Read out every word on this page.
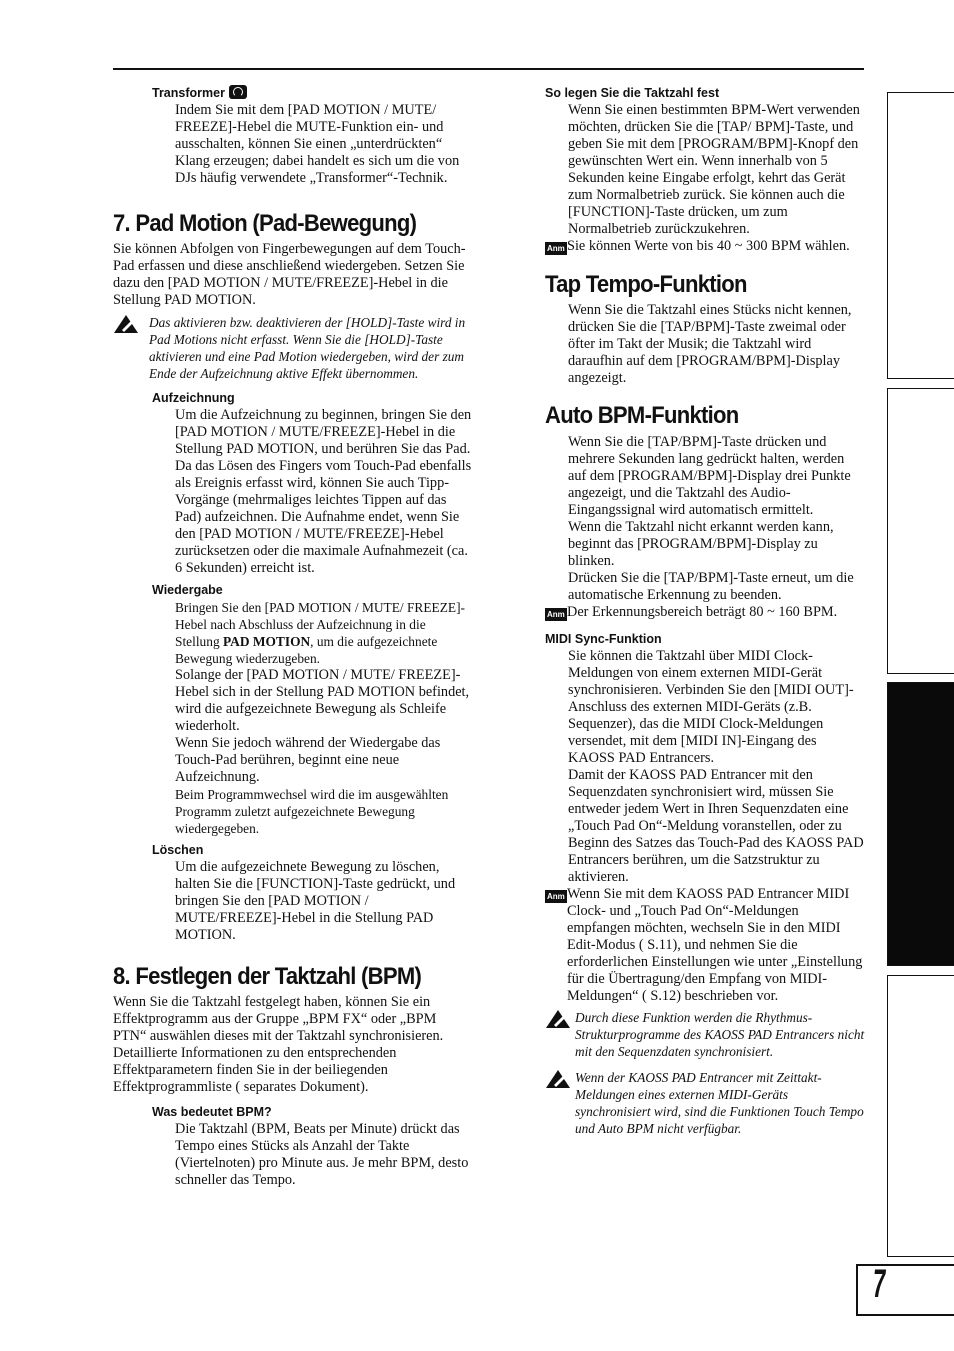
7
Transformer

Indem Sie mit dem [PAD MOTION / MUTE/ FREEZE]-Hebel die MUTE-Funktion ein- und ausschalten, können Sie einen „unterdrückten“ Klang erzeugen; dabei handelt es sich um die von DJs häufig verwendete „Transformer“-Technik.

7. Pad Motion (Pad-Bewegung)

Sie können Abfolgen von Fingerbewegungen auf dem Touch-Pad erfassen und diese anschließend wiedergeben. Setzen Sie dazu den [PAD MOTION / MUTE/FREEZE]-Hebel in die Stellung PAD MOTION.

Das aktivieren bzw. deaktivieren der [HOLD]-Taste wird in Pad Motions nicht erfasst. Wenn Sie die [HOLD]-Taste aktivieren und eine Pad Motion wiedergeben, wird der zum Ende der Aufzeichnung aktive Effekt übernommen.
Aufzeichnung

Um die Aufzeichnung zu beginnen, bringen Sie den [PAD MOTION / MUTE/FREEZE]-Hebel in die Stellung PAD MOTION, und berühren Sie das Pad. Da das Lösen des Fingers vom Touch-Pad ebenfalls als Ereignis erfasst wird, können Sie auch Tipp-Vorgänge (mehrmaliges leichtes Tippen auf das Pad) aufzeichnen. Die Aufnahme endet, wenn Sie den [PAD MOTION / MUTE/FREEZE]-Hebel zurücksetzen oder die maximale Aufnahmezeit (ca. 6 Sekunden) erreicht ist.

Wiedergabe

Bringen Sie den [PAD MOTION / MUTE/ FREEZE]-Hebel nach Abschluss der Aufzeichnung in die Stellung PAD MOTION, um die aufgezeichnete Bewegung wiederzugeben.

Solange der [PAD MOTION / MUTE/ FREEZE]-Hebel sich in der Stellung PAD MOTION befindet, wird die aufgezeichnete Bewegung als Schleife wiederholt.

Wenn Sie jedoch während der Wiedergabe das Touch-Pad berühren, beginnt eine neue Aufzeichnung.

Beim Programmwechsel wird die im ausgewählten Programm zuletzt aufgezeichnete Bewegung wiedergegeben.

Löschen

Um die aufgezeichnete Bewegung zu löschen, halten Sie die [FUNCTION]-Taste gedrückt, und bringen Sie den [PAD MOTION / MUTE/FREEZE]-Hebel in die Stellung PAD MOTION.

8. Festlegen der Taktzahl (BPM)

Wenn Sie die Taktzahl festgelegt haben, können Sie ein Effektprogramm aus der Gruppe „BPM FX“ oder „BPM PTN“ auswählen dieses mit der Taktzahl synchronisieren. Detaillierte Informationen zu den entsprechenden Effektparametern finden Sie in der beiliegenden Effektprogrammliste ( separates Dokument).

Was bedeutet BPM?

Die Taktzahl (BPM, Beats per Minute) drückt das Tempo eines Stücks als Anzahl der Takte (Viertelnoten) pro Minute aus. Je mehr BPM, desto schneller das Tempo.

So legen Sie die Taktzahl fest

Wenn Sie einen bestimmten BPM-Wert verwenden möchten, drücken Sie die [TAP/ BPM]-Taste, und geben Sie mit dem [PROGRAM/BPM]-Knopf den gewünschten Wert ein. Wenn innerhalb von 5 Sekunden keine Eingabe erfolgt, kehrt das Gerät zum Normalbetrieb zurück. Sie können auch die [FUNCTION]-Taste drücken, um zum Normalbetrieb zurückzukehren.

Anm Sie können Werte von bis 40 ~ 300 BPM wählen.
Tap Tempo-Funktion

Wenn Sie die Taktzahl eines Stücks nicht kennen, drücken Sie die [TAP/BPM]-Taste zweimal oder öfter im Takt der Musik; die Taktzahl wird daraufhin auf dem [PROGRAM/BPM]-Display angezeigt.

Auto BPM-Funktion

Wenn Sie die [TAP/BPM]-Taste drücken und mehrere Sekunden lang gedrückt halten, werden auf dem [PROGRAM/BPM]-Display drei Punkte angezeigt, und die Taktzahl des Audio-Eingangssignal wird automatisch ermittelt.

Wenn die Taktzahl nicht erkannt werden kann, beginnt das [PROGRAM/BPM]-Display zu blinken.

Drücken Sie die [TAP/BPM]-Taste erneut, um die automatische Erkennung zu beenden.

Anm Der Erkennungsbereich beträgt 80 ~ 160 BPM.
MIDI Sync-Funktion

Sie können die Taktzahl über MIDI Clock-Meldungen von einem externen MIDI-Gerät synchronisieren. Verbinden Sie den [MIDI OUT]-Anschluss des externen MIDI-Geräts (z.B. Sequenzer), das die MIDI Clock-Meldungen versendet, mit dem [MIDI IN]-Eingang des KAOSS PAD Entrancers.

Damit der KAOSS PAD Entrancer mit den Sequenzdaten synchronisiert wird, müssen Sie entweder jedem Wert in Ihren Sequenzdaten eine „Touch Pad On“-Meldung voranstellen, oder zu Beginn des Satzes das Touch-Pad des KAOSS PAD Entrancers berühren, um die Satzstruktur zu aktivieren.

Anm Wenn Sie mit dem KAOSS PAD Entrancer MIDI Clock- und „Touch Pad On“-Meldungen empfangen möchten, wechseln Sie in den MIDI Edit-Modus ( S.11), und nehmen Sie die erforderlichen Einstellungen wie unter „Einstellung für die Übertragung/den Empfang von MIDI-Meldungen“ ( S.12) beschrieben vor.
Durch diese Funktion werden die Rhythmus-Strukturprogramme des KAOSS PAD Entrancers nicht mit den Sequenzdaten synchronisiert.
Wenn der KAOSS PAD Entrancer mit Zeittakt-Meldungen eines externen MIDI-Geräts synchronisiert wird, sind die Funktionen Touch Tempo und Auto BPM nicht verfügbar.
